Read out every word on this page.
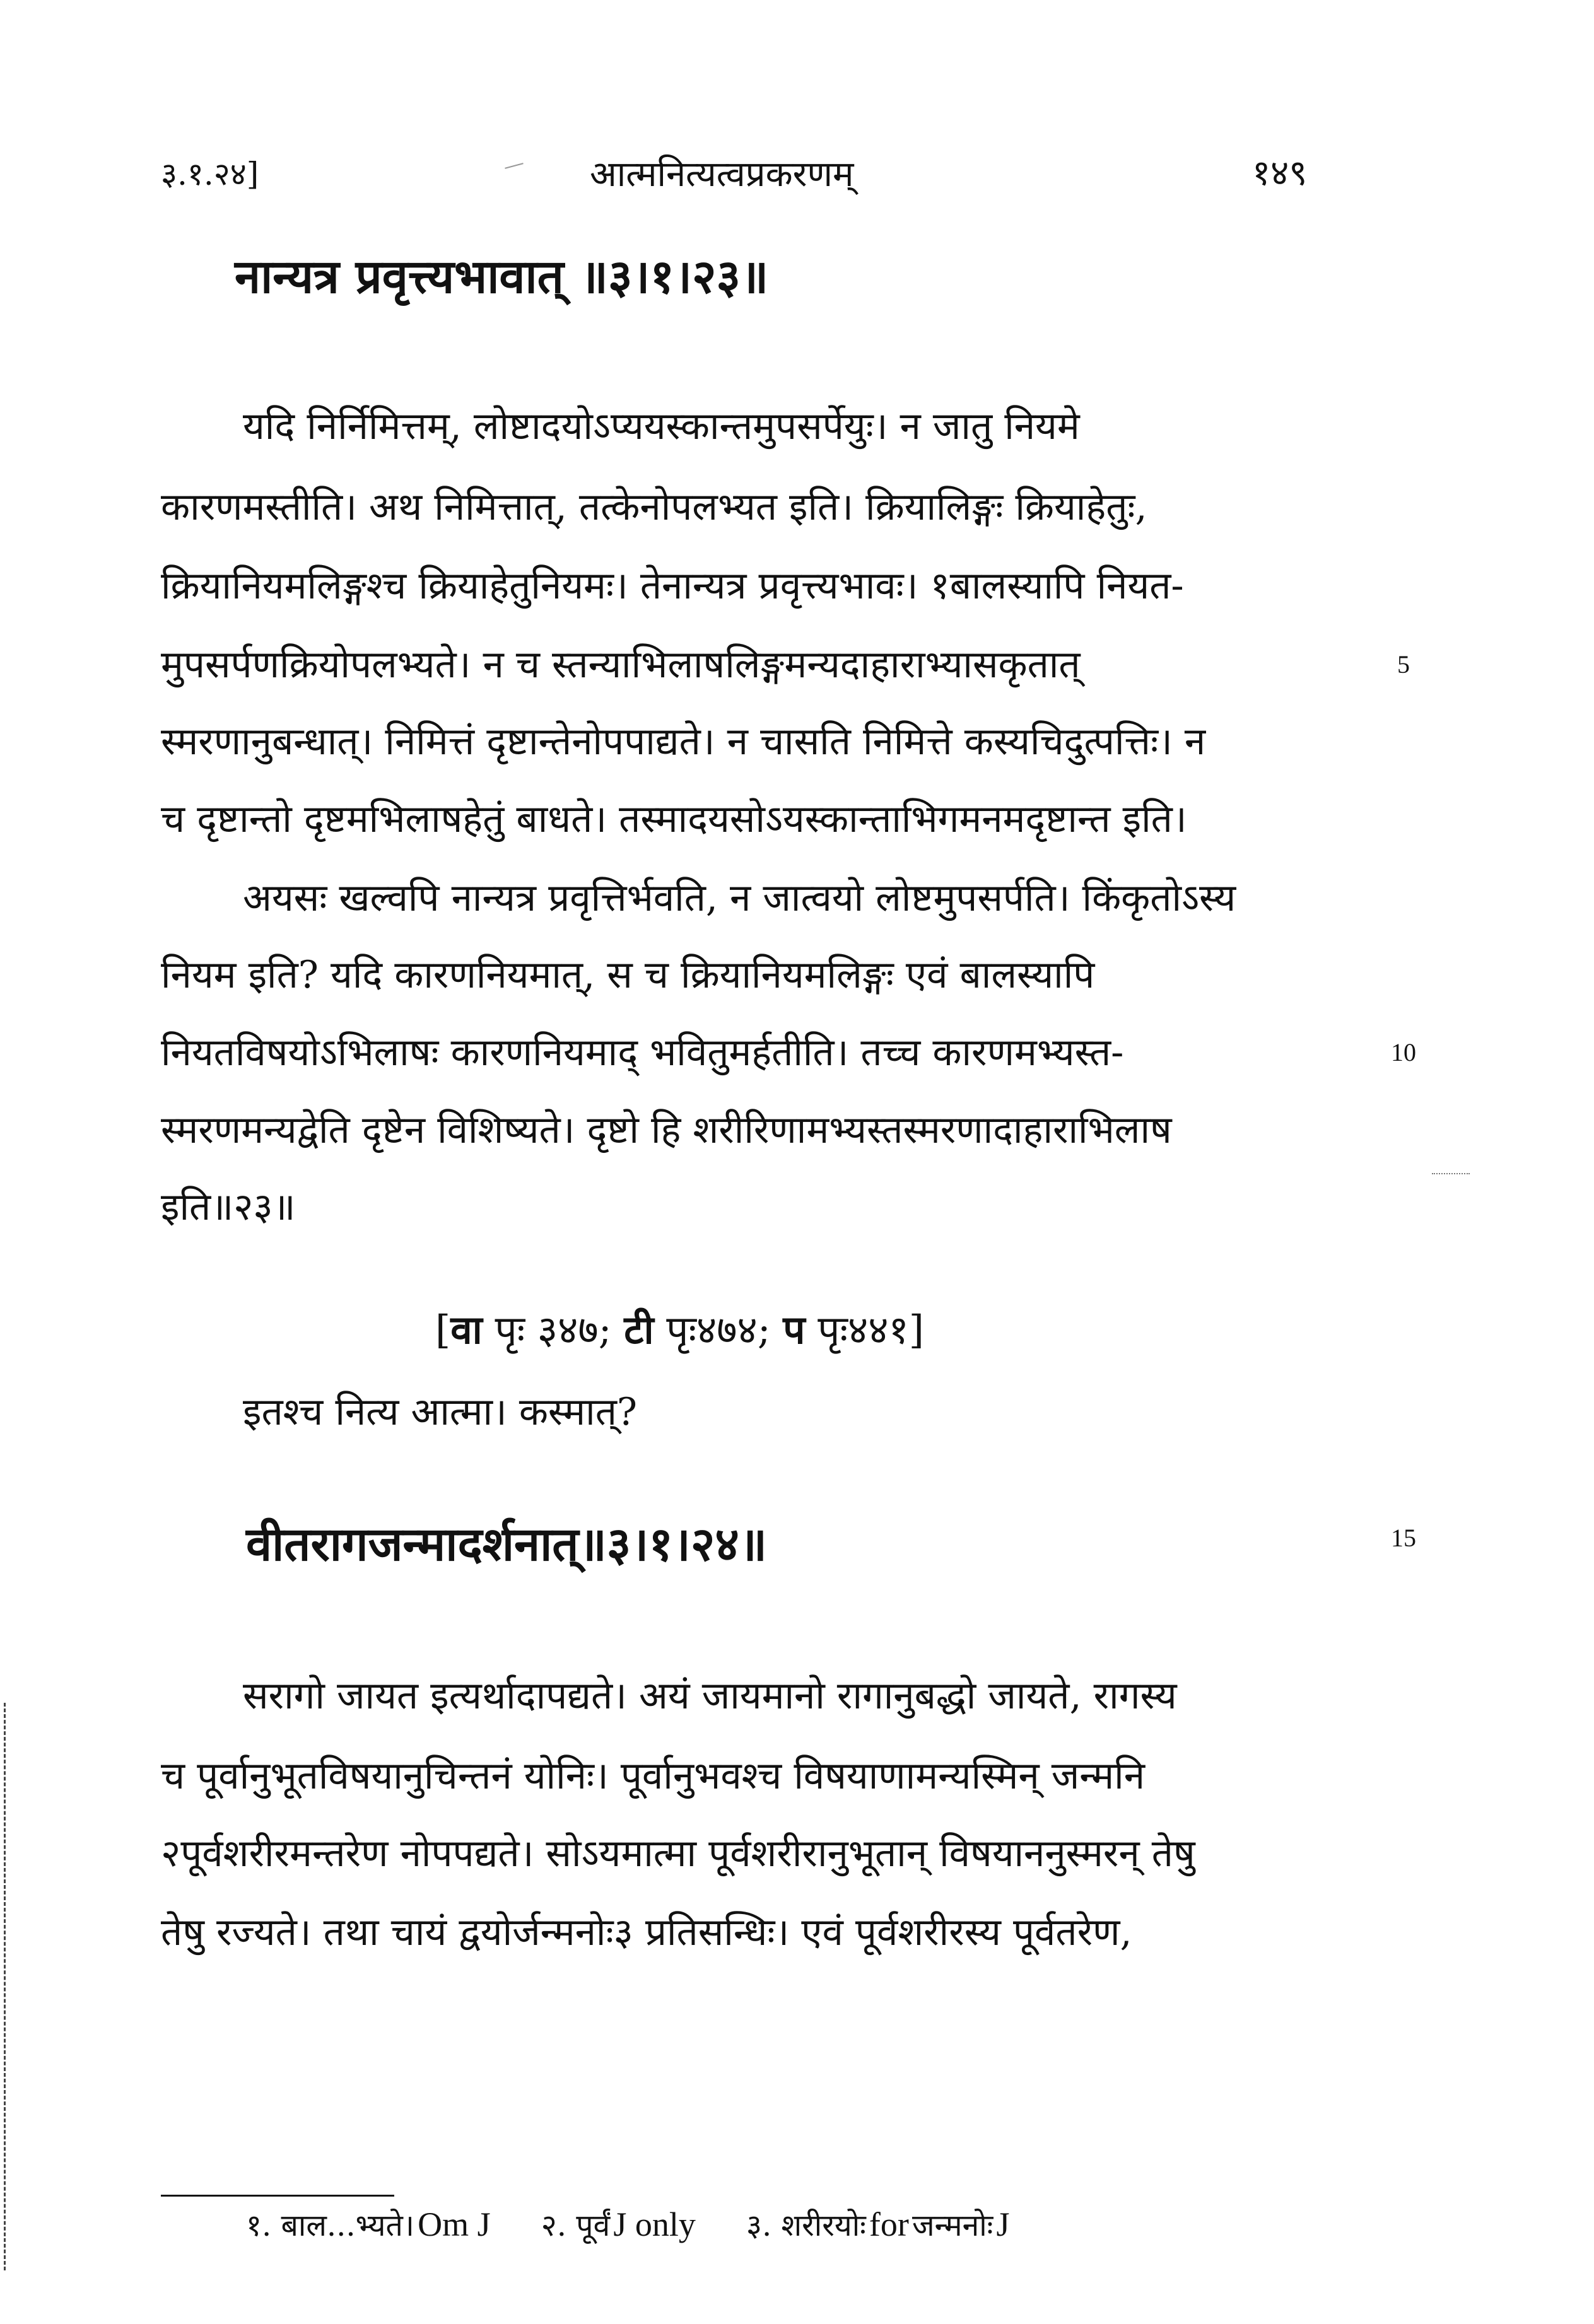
३.१.२४]	आत्मनित्यत्वप्रकरणम्	१४९
नान्यत्र प्रवृत्त्यभावात् ॥३।१।२३॥
यदि निर्निमित्तम्, लोष्टादयोऽप्ययस्कान्तमुपसर्पेयुः। न जातु नियमे
कारणमस्तीति। अथ निमित्तात्, तत्केनोपलभ्यत इति। क्रियालिङ्गः क्रियाहेतुः,
क्रियानियमलिङ्गश्च क्रियाहेतुनियमः। तेनान्यत्र प्रवृत्त्यभावः। १बालस्यापि नियत-
मुपसर्पणक्रियोपलभ्यते। न च स्तन्याभिलाषलिङ्गमन्यदाहाराभ्यासकृतात्	5
स्मरणानुबन्धात्। निमित्तं दृष्टान्तेनोपपाद्यते। न चासति निमित्ते कस्यचिदुत्पत्तिः। न
च दृष्टान्तो दृष्टमभिलाषहेतुं बाधते। तस्मादयसोऽयस्कान्ताभिगमनमदृष्टान्त इति।
अयसः खल्वपि नान्यत्र प्रवृत्तिर्भवति, न जात्वयो लोष्टमुपसर्पति। किंकृतोऽस्य
नियम इति? यदि कारणनियमात्, स च क्रियानियमलिङ्गः एवं बालस्यापि
नियतविषयोऽभिलाषः कारणनियमाद् भवितुमर्हतीति। तच्च कारणमभ्यस्त-	10
स्मरणमन्यद्वेति दृष्टेन विशिष्यते। दृष्टो हि शरीरिणामभ्यस्तस्मरणादाहाराभिलाष
इति॥२३॥
[वा पृः ३४७; टी पृः४७४; प पृः४४१]
इतश्च नित्य आत्मा। कस्मात्?
वीतरागजन्मादर्शनात्॥३।१।२४॥	15
सरागो जायत इत्यर्थादापद्यते। अयं जायमानो रागानुबद्धो जायते, रागस्य
च पूर्वानुभूतविषयानुचिन्तनं योनिः। पूर्वानुभवश्च विषयाणामन्यस्मिन् जन्मनि
२पूर्वशरीरमन्तरेण नोपपद्यते। सोऽयमात्मा पूर्वशरीरानुभूतान् विषयाननुस्मरन् तेषु
तेषु रज्यते। तथा चायं द्वयोर्जन्मनोः३ प्रतिसन्धिः। एवं पूर्वशरीरस्य पूर्वतरेण,
१. बाल...भ्यते। Om J २. पूर्वं J only ३. शरीरयोः for जन्मनोः J
